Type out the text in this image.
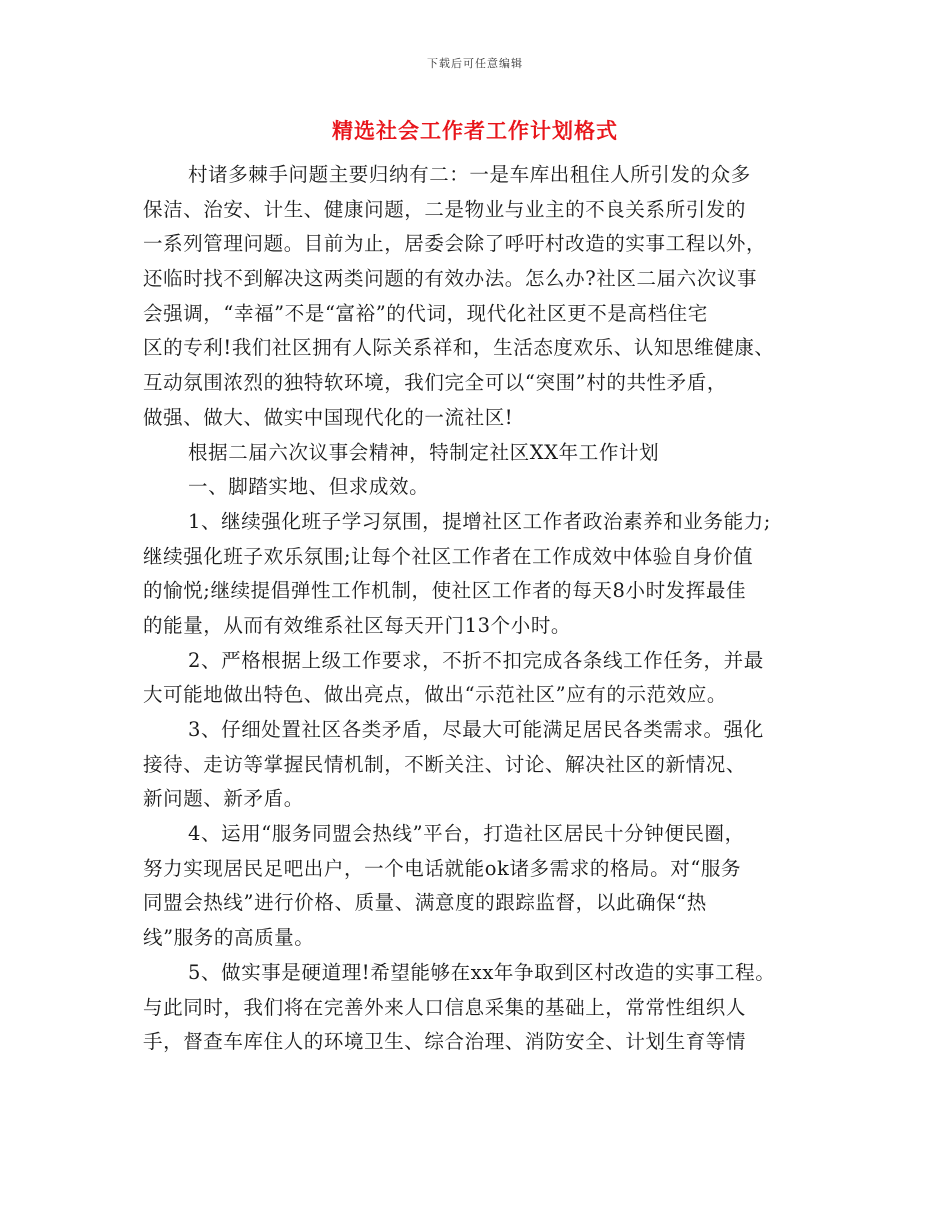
下载后可任意编辑
精选社会工作者工作计划格式
村诸多棘手问题主要归纳有二：一是车库出租住人所引发的众多
保洁、治安、计生、健康问题，二是物业与业主的不良关系所引发的
一系列管理问题。目前为止，居委会除了呼吁村改造的实事工程以外，
还临时找不到解决这两类问题的有效办法。怎么办?社区二届六次议事
会强调，“幸福”不是“富裕”的代词，现代化社区更不是高档住宅
区的专利!我们社区拥有人际关系祥和，生活态度欢乐、认知思维健康、
互动氛围浓烈的独特软环境，我们完全可以“突围”村的共性矛盾，
做强、做大、做实中国现代化的一流社区!
根据二届六次议事会精神，特制定社区XX年工作计划
一、脚踏实地、但求成效。
1、继续强化班子学习氛围，提增社区工作者政治素养和业务能力;
继续强化班子欢乐氛围;让每个社区工作者在工作成效中体验自身价值
的愉悦;继续提倡弹性工作机制，使社区工作者的每天8小时发挥最佳
的能量，从而有效维系社区每天开门13个小时。
2、严格根据上级工作要求，不折不扣完成各条线工作任务，并最
大可能地做出特色、做出亮点，做出“示范社区”应有的示范效应。
3、仔细处置社区各类矛盾，尽最大可能满足居民各类需求。强化
接待、走访等掌握民情机制，不断关注、讨论、解决社区的新情况、
新问题、新矛盾。
4、运用“服务同盟会热线”平台，打造社区居民十分钟便民圈，
努力实现居民足吧出户，一个电话就能ok诸多需求的格局。对“服务
同盟会热线”进行价格、质量、满意度的跟踪监督，以此确保“热
线”服务的高质量。
5、做实事是硬道理!希望能够在xx年争取到区村改造的实事工程。
与此同时，我们将在完善外来人口信息采集的基础上，常常性组织人
手，督查车库住人的环境卫生、综合治理、消防安全、计划生育等情
